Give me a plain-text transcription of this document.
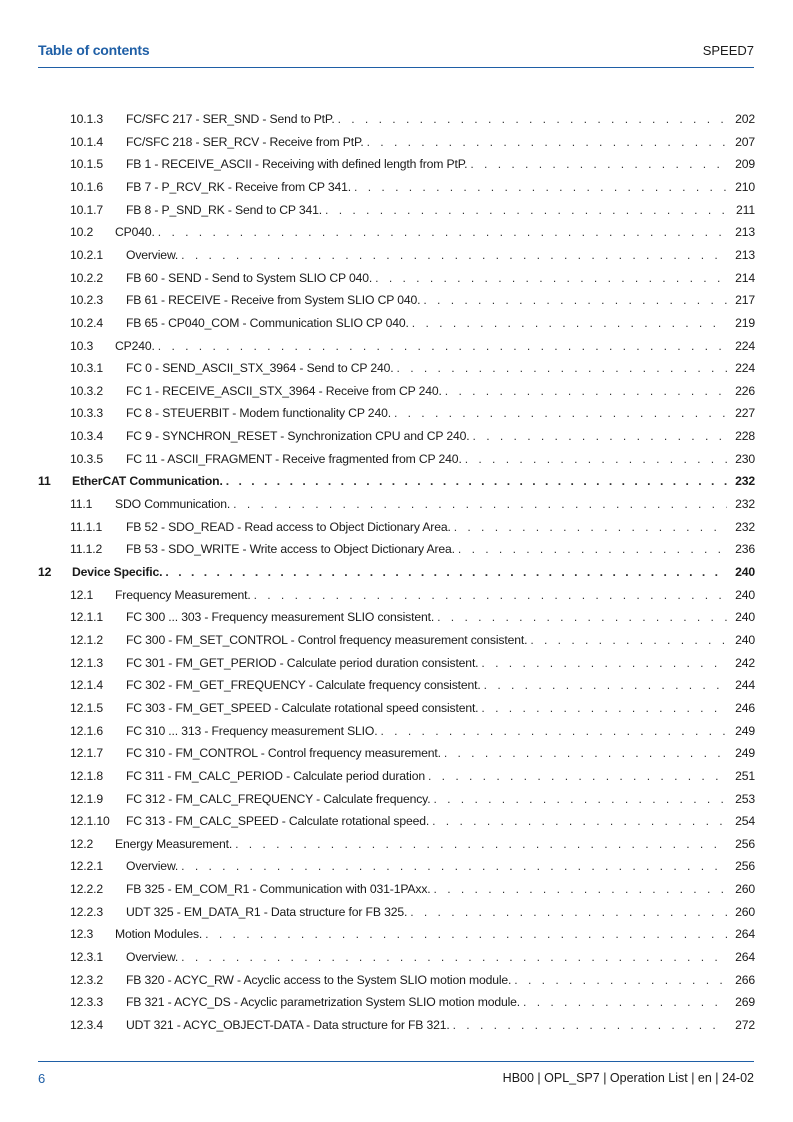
Table of contents	SPEED7
10.1.3 FC/SFC 217 - SER_SND - Send to PtP. . . .	202
10.1.4 FC/SFC 218 - SER_RCV - Receive from PtP. . . .	207
10.1.5 FB 1 - RECEIVE_ASCII - Receiving with defined length from PtP. . . .	209
10.1.6 FB 7 - P_RCV_RK - Receive from CP 341. . . .	210
10.1.7 FB 8 - P_SND_RK - Send to CP 341. . . .	211
10.2 CP040. . . .	213
10.2.1 Overview. . . .	213
10.2.2 FB 60 - SEND - Send to System SLIO CP 040. . . .	214
10.2.3 FB 61 - RECEIVE - Receive from System SLIO CP 040. . . .	217
10.2.4 FB 65 - CP040_COM - Communication SLIO CP 040. . . .	219
10.3 CP240. . . .	224
10.3.1 FC 0 - SEND_ASCII_STX_3964 - Send to CP 240. . . .	224
10.3.2 FC 1 - RECEIVE_ASCII_STX_3964 - Receive from CP 240. . . .	226
10.3.3 FC 8 - STEUERBIT - Modem functionality CP 240. . . .	227
10.3.4 FC 9 - SYNCHRON_RESET - Synchronization CPU and CP 240. . . .	228
10.3.5 FC 11 - ASCII_FRAGMENT - Receive fragmented from CP 240. . . .	230
11 EtherCAT Communication. . . .	232
11.1 SDO Communication. . . .	232
11.1.1 FB 52 - SDO_READ - Read access to Object Dictionary Area. . . .	232
11.1.2 FB 53 - SDO_WRITE - Write access to Object Dictionary Area. . . .	236
12 Device Specific. . . .	240
12.1 Frequency Measurement. . . .	240
12.1.1 FC 300 ... 303 - Frequency measurement SLIO consistent. . . .	240
12.1.2 FC 300 - FM_SET_CONTROL - Control frequency measurement consistent. . . .	240
12.1.3 FC 301 - FM_GET_PERIOD - Calculate period duration consistent. . . .	242
12.1.4 FC 302 - FM_GET_FREQUENCY - Calculate frequency consistent. . . .	244
12.1.5 FC 303 - FM_GET_SPEED - Calculate rotational speed consistent. . . .	246
12.1.6 FC 310 ... 313 - Frequency measurement SLIO. . . .	249
12.1.7 FC 310 - FM_CONTROL - Control frequency measurement. . . .	249
12.1.8 FC 311 - FM_CALC_PERIOD - Calculate period duration . . .	251
12.1.9 FC 312 - FM_CALC_FREQUENCY - Calculate frequency. . . .	253
12.1.10 FC 313 - FM_CALC_SPEED - Calculate rotational speed. . . .	254
12.2 Energy Measurement. . . .	256
12.2.1 Overview. . . .	256
12.2.2 FB 325 - EM_COM_R1 - Communication with 031-1PAxx. . . .	260
12.2.3 UDT 325 - EM_DATA_R1 - Data structure for FB 325. . . .	260
12.3 Motion Modules. . . .	264
12.3.1 Overview. . . .	264
12.3.2 FB 320 - ACYC_RW - Acyclic access to the System SLIO motion module. . . .	266
12.3.3 FB 321 - ACYC_DS - Acyclic parametrization System SLIO motion module. . . .	269
12.3.4 UDT 321 - ACYC_OBJECT-DATA - Data structure for FB 321. . . .	272
6	HB00 | OPL_SP7 | Operation List | en | 24-02
